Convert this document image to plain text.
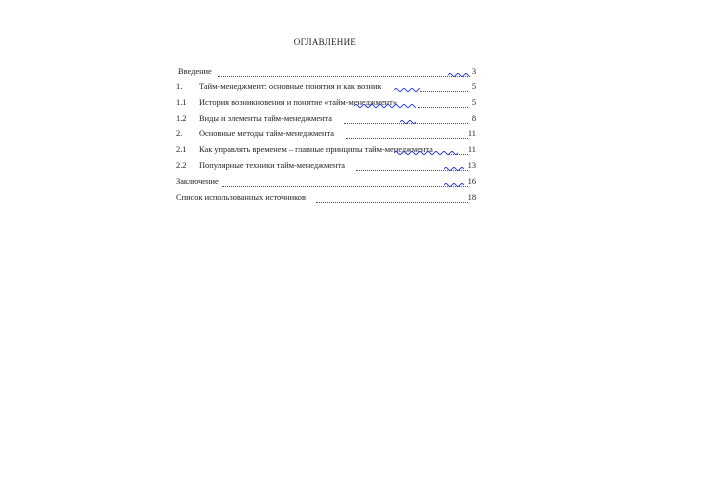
ОГЛАВЛЕНИЕ
Введение	3
1.	Тайм-менеджмент: основные понятия и как возник	5
1.1	История возникновения и понятие «тайм-менеджмент»	5
1.2	Виды и элементы тайм-менеджмента	8
2.	Основные методы тайм-менеджмента	11
2.1	Как управлять временем – главные принципы тайм-менеджмента	11
2.2	Популярные техники тайм-менеджмента	13
Заключение	16
Список использованных источников	18
